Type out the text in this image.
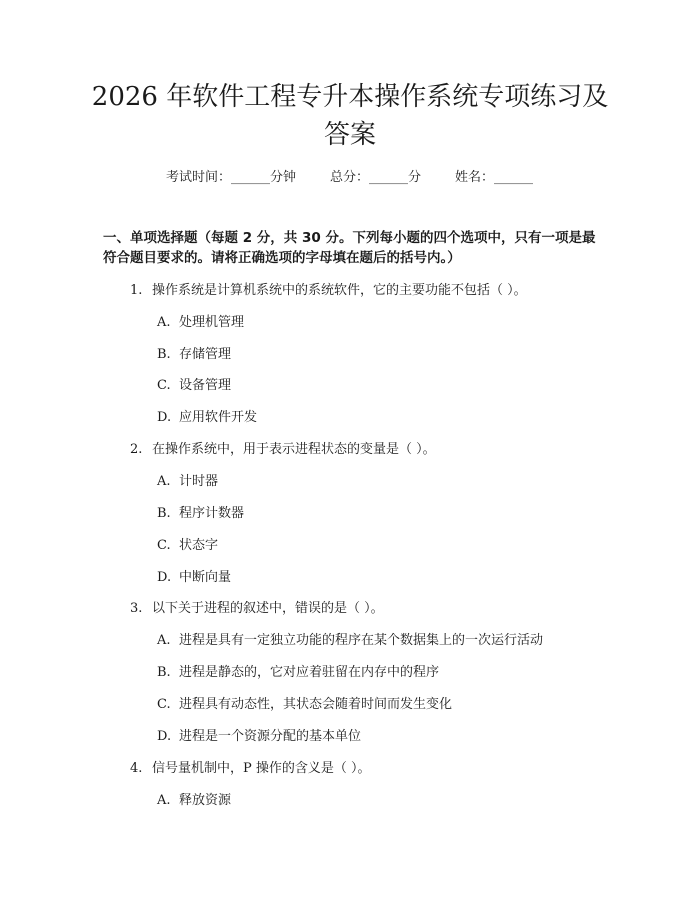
2026 年软件工程专升本操作系统专项练习及
答案
考试时间：______分钟	总分：______分	姓名：______
一、单项选择题（每题 2 分，共 30 分。下列每小题的四个选项中，只有一项是最
符合题目要求的。请将正确选项的字母填在题后的括号内。）
1. 操作系统是计算机系统中的系统软件，它的主要功能不包括（ ）。
A. 处理机管理
B. 存储管理
C. 设备管理
D. 应用软件开发
2. 在操作系统中，用于表示进程状态的变量是（ ）。
A. 计时器
B. 程序计数器
C. 状态字
D. 中断向量
3. 以下关于进程的叙述中，错误的是（ ）。
A. 进程是具有一定独立功能的程序在某个数据集上的一次运行活动
B. 进程是静态的，它对应着驻留在内存中的程序
C. 进程具有动态性，其状态会随着时间而发生变化
D. 进程是一个资源分配的基本单位
4. 信号量机制中，P 操作的含义是（ ）。
A. 释放资源
